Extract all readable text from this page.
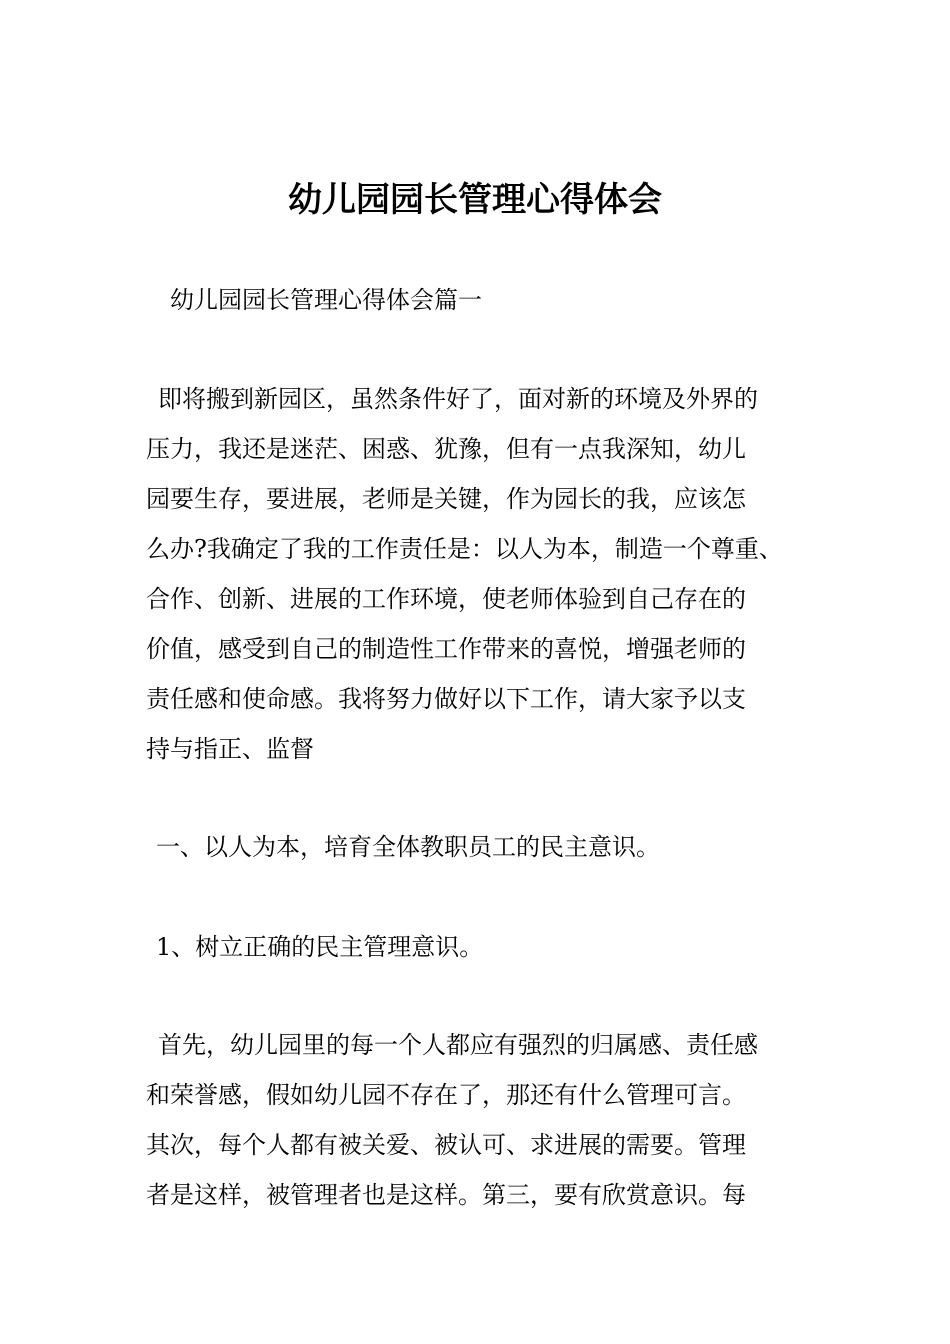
幼儿园园长管理心得体会
幼儿园园长管理心得体会篇一
即将搬到新园区，虽然条件好了，面对新的环境及外界的
压力，我还是迷茫、困惑、犹豫，但有一点我深知，幼儿
园要生存，要进展，老师是关键，作为园长的我，应该怎
么办?我确定了我的工作责任是：以人为本，制造一个尊重、
合作、创新、进展的工作环境，使老师体验到自己存在的
价值，感受到自己的制造性工作带来的喜悦，增强老师的
责任感和使命感。我将努力做好以下工作，请大家予以支
持与指正、监督
一、以人为本，培育全体教职员工的民主意识。
1、树立正确的民主管理意识。
首先，幼儿园里的每一个人都应有强烈的归属感、责任感
和荣誉感，假如幼儿园不存在了，那还有什么管理可言。
其次，每个人都有被关爱、被认可、求进展的需要。管理
者是这样，被管理者也是这样。第三，要有欣赏意识。每
